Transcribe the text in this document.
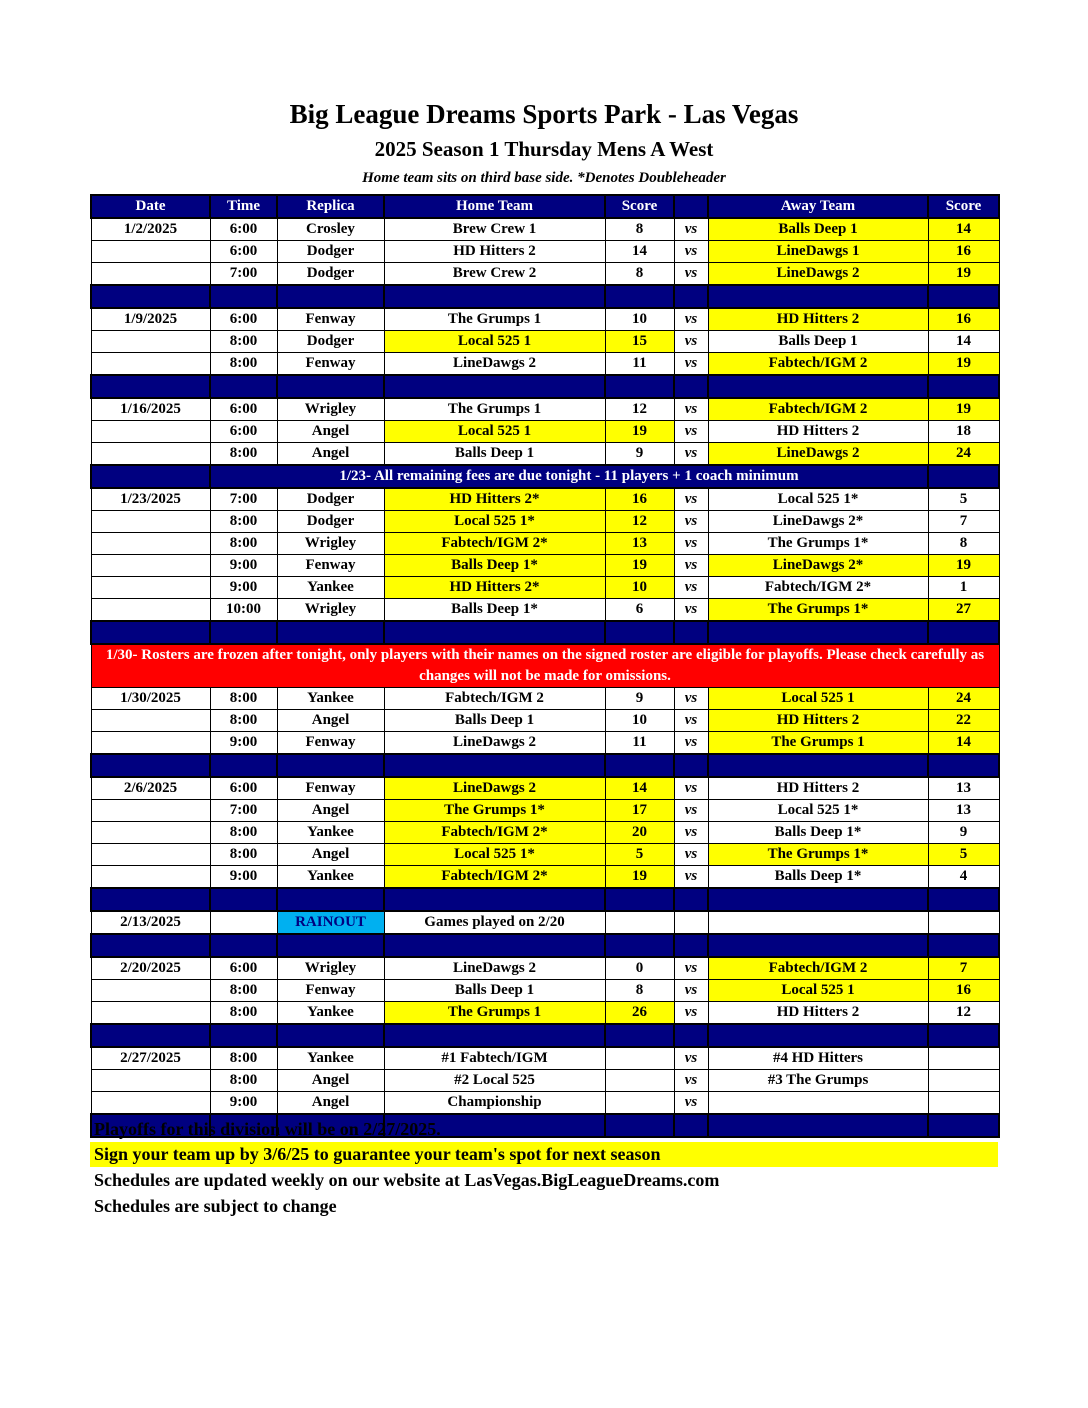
Big League Dreams Sports Park - Las Vegas
2025 Season 1 Thursday Mens A West
Home team sits on third base side. *Denotes Doubleheader
Date	Time	Replica	Home Team	Score		Away Team	Score
1/2/2025	6:00	Crosley	Brew Crew 1	8	vs	Balls Deep 1	14
	6:00	Dodger	HD Hitters 2	14	vs	LineDawgs 1	16
	7:00	Dodger	Brew Crew 2	8	vs	LineDawgs 2	19

1/9/2025	6:00	Fenway	The Grumps 1	10	vs	HD Hitters 2	16
	8:00	Dodger	Local 525 1	15	vs	Balls Deep 1	14
	8:00	Fenway	LineDawgs 2	11	vs	Fabtech/IGM 2	19

1/16/2025	6:00	Wrigley	The Grumps 1	12	vs	Fabtech/IGM 2	19
	6:00	Angel	Local 525 1	19	vs	HD Hitters 2	18
	8:00	Angel	Balls Deep 1	9	vs	LineDawgs 2	24
	1/23- All remaining fees are due tonight - 11 players + 1 coach minimum						
1/23/2025	7:00	Dodger	HD Hitters 2*	16	vs	Local 525 1*	5
	8:00	Dodger	Local 525 1*	12	vs	LineDawgs 2*	7
	8:00	Wrigley	Fabtech/IGM 2*	13	vs	The Grumps 1*	8
	9:00	Fenway	Balls Deep 1*	19	vs	LineDawgs 2*	19
	9:00	Yankee	HD Hitters 2*	10	vs	Fabtech/IGM 2*	1
	10:00	Wrigley	Balls Deep 1*	6	vs	The Grumps 1*	27

1/30- Rosters are frozen after tonight, only players with their names on the signed roster are eligible for playoffs. Please check carefully as changes will not be made for omissions.							
1/30/2025	8:00	Yankee	Fabtech/IGM 2	9	vs	Local 525 1	24
	8:00	Angel	Balls Deep 1	10	vs	HD Hitters 2	22
	9:00	Fenway	LineDawgs 2	11	vs	The Grumps 1	14

2/6/2025	6:00	Fenway	LineDawgs 2	14	vs	HD Hitters 2	13
	7:00	Angel	The Grumps 1*	17	vs	Local 525 1*	13
	8:00	Yankee	Fabtech/IGM 2*	20	vs	Balls Deep 1*	9
	8:00	Angel	Local 525 1*	5	vs	The Grumps 1*	5
	9:00	Yankee	Fabtech/IGM 2*	19	vs	Balls Deep 1*	4

2/13/2025		RAINOUT	Games played on 2/20				

2/20/2025	6:00	Wrigley	LineDawgs 2	0	vs	Fabtech/IGM 2	7
	8:00	Fenway	Balls Deep 1	8	vs	Local 525 1	16
	8:00	Yankee	The Grumps 1	26	vs	HD Hitters 2	12

2/27/2025	8:00	Yankee	#1 Fabtech/IGM		vs	#4 HD Hitters	
	8:00	Angel	#2 Local 525		vs	#3 The Grumps	
	9:00	Angel	Championship		vs		

Playoffs for this division will be on 2/27/2025.
Sign your team up by 3/6/25 to guarantee your team's spot for next season
Schedules are updated weekly on our website at LasVegas.BigLeagueDreams.com
Schedules are subject to change
